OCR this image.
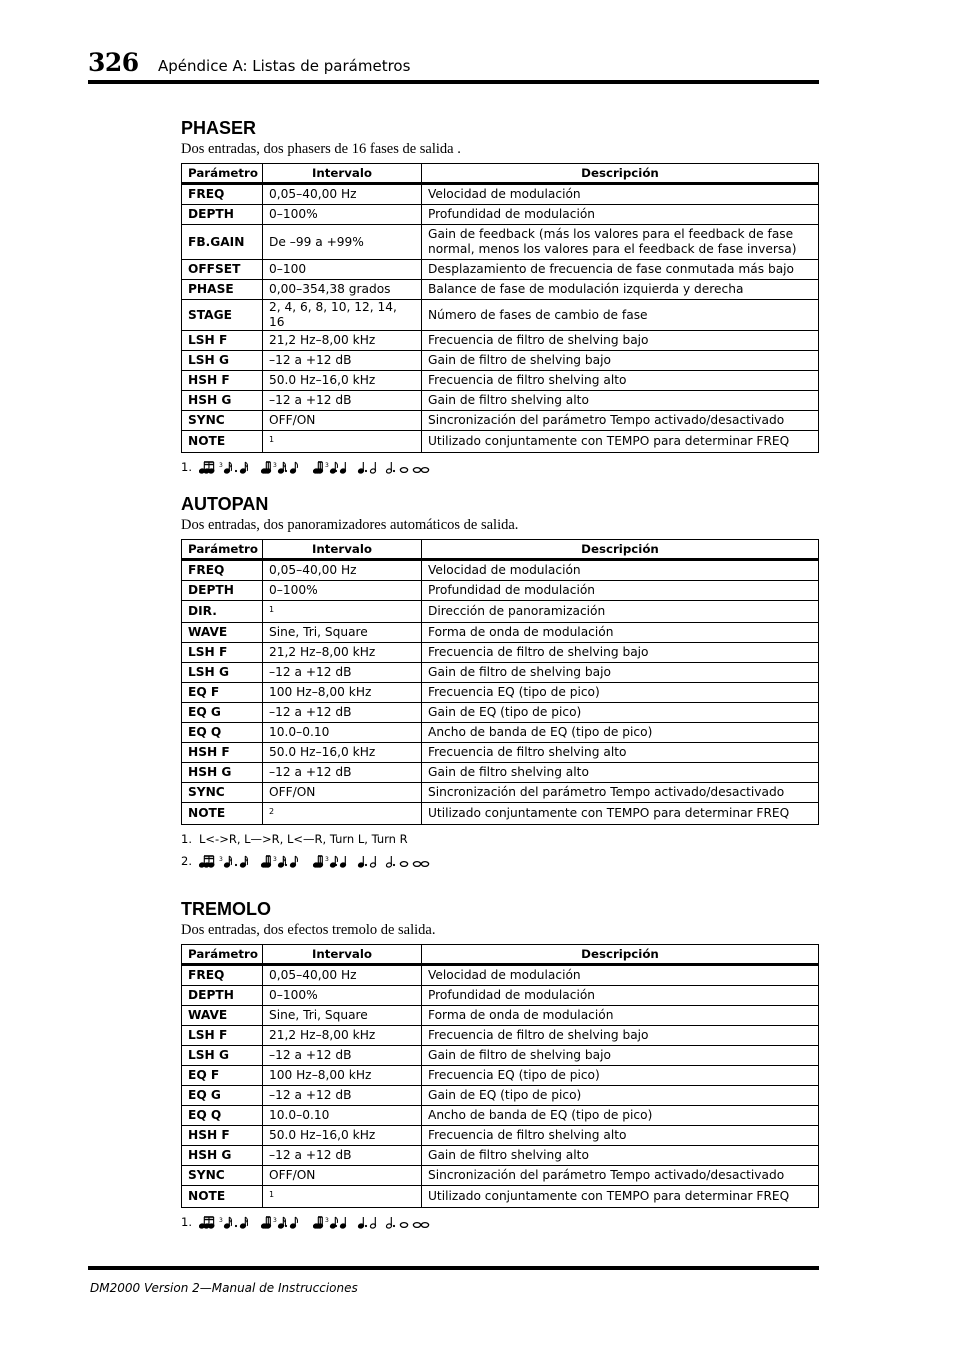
326 Apéndice A: Listas de parámetros
PHASER
Dos entradas, dos phasers de 16 fases de salida .
Parámetro	Intervalo	Descripción
FREQ	0,05–40,00 Hz	Velocidad de modulación
DEPTH	0–100%	Profundidad de modulación
FB.GAIN	De –99 a +99%	Gain de feedback (más los valores para el feedback de fase normal, menos los valores para el feedback de fase inversa)
OFFSET	0–100	Desplazamiento de frecuencia de fase conmutada más bajo
PHASE	0,00–354,38 grados	Balance de fase de modulación izquierda y derecha
STAGE	2, 4, 6, 8, 10, 12, 14, 16	Número de fases de cambio de fase
LSH F	21,2 Hz–8,00 kHz	Frecuencia de filtro de shelving bajo
LSH G	–12 a +12 dB	Gain de filtro de shelving bajo
HSH F	50.0 Hz–16,0 kHz	Frecuencia de filtro shelving alto
HSH G	–12 a +12 dB	Gain de filtro shelving alto
SYNC	OFF/ON	Sincronización del parámetro Tempo activado/desactivado
NOTE	$^1$	Utilizado conjuntamente con TEMPO para determinar FREQ
1.	3	3	3
AUTOPAN
Dos entradas, dos panoramizadores automáticos de salida.
Parámetro	Intervalo	Descripción
FREQ	0,05–40,00 Hz	Velocidad de modulación
DEPTH	0–100%	Profundidad de modulación
DIR.	$^1$	Dirección de panoramización
WAVE	Sine, Tri, Square	Forma de onda de modulación
LSH F	21,2 Hz–8,00 kHz	Frecuencia de filtro de shelving bajo
LSH G	–12 a +12 dB	Gain de filtro de shelving bajo
EQ F	100 Hz–8,00 kHz	Frecuencia EQ (tipo de pico)
EQ G	–12 a +12 dB	Gain de EQ (tipo de pico)
EQ Q	10.0–0.10	Ancho de banda de EQ (tipo de pico)
HSH F	50.0 Hz–16,0 kHz	Frecuencia de filtro shelving alto
HSH G	–12 a +12 dB	Gain de filtro shelving alto
SYNC	OFF/ON	Sincronización del parámetro Tempo activado/desactivado
NOTE	$^2$	Utilizado conjuntamente con TEMPO para determinar FREQ
1. L<->R, L—>R, L<—R, Turn L, Turn R
2.	3	3	3
TREMOLO
Dos entradas, dos efectos tremolo de salida.
Parámetro	Intervalo	Descripción
FREQ	0,05–40,00 Hz	Velocidad de modulación
DEPTH	0–100%	Profundidad de modulación
WAVE	Sine, Tri, Square	Forma de onda de modulación
LSH F	21,2 Hz–8,00 kHz	Frecuencia de filtro de shelving bajo
LSH G	–12 a +12 dB	Gain de filtro de shelving bajo
EQ F	100 Hz–8,00 kHz	Frecuencia EQ (tipo de pico)
EQ G	–12 a +12 dB	Gain de EQ (tipo de pico)
EQ Q	10.0–0.10	Ancho de banda de EQ (tipo de pico)
HSH F	50.0 Hz–16,0 kHz	Frecuencia de filtro shelving alto
HSH G	–12 a +12 dB	Gain de filtro shelving alto
SYNC	OFF/ON	Sincronización del parámetro Tempo activado/desactivado
NOTE	$^1$	Utilizado conjuntamente con TEMPO para determinar FREQ
1.	3	3	3
DM2000 Version 2—Manual de Instrucciones
